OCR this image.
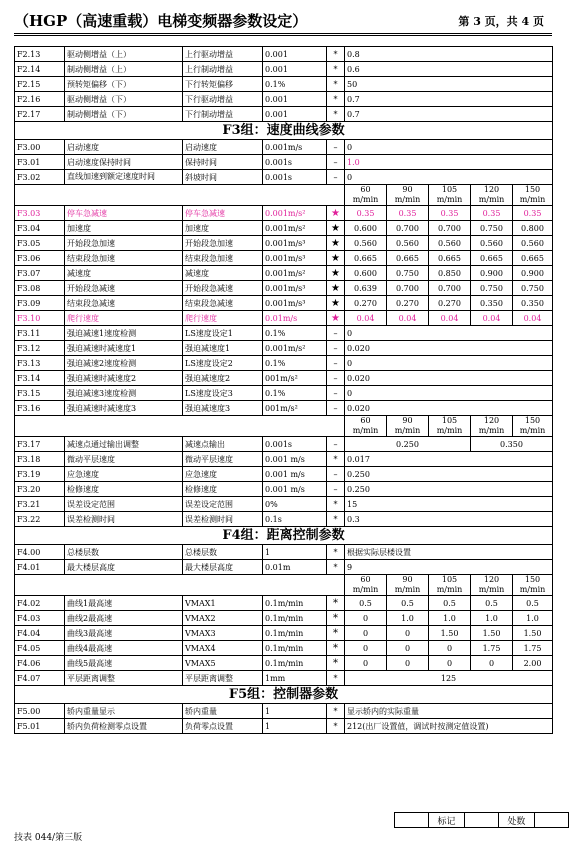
（HGP（高速重载）电梯变频器参数设定）	第 3 页，共 4 页
F2.13	驱动侧增益（上）	上行驱动增益	0.001	*	0.8				
F2.14	制动侧增益（上）	上行制动增益	0.001	*	0.6				
F2.15	预转矩偏移（下）	下行转矩偏移	0.1%	*	50				
F2.16	驱动侧增益（下）	下行驱动增益	0.001	*	0.7				
F2.17	制动侧增益（下）	下行制动增益	0.001	*	0.7				
F3组：速度曲线参数									
F3.00	启动速度	启动速度	0.001m/s	–	0				
F3.01	启动速度保持时间	保持时间	0.001s	–	1.0				
F3.02	直线加速到额定速度时间	斜坡时间	0.001s	–	0				
					60 m/min	90 m/min	105 m/min	120 m/min	150 m/min
F3.03	停车急减速	停车急减速	0.001m/s²	★	0.35	0.35	0.35	0.35	0.35
F3.04	加速度	加速度	0.001m/s²	★	0.600	0.700	0.700	0.750	0.800
F3.05	开始段急加速	开始段急加速	0.001m/s³	★	0.560	0.560	0.560	0.560	0.560
F3.06	结束段急加速	结束段急加速	0.001m/s³	★	0.665	0.665	0.665	0.665	0.665
F3.07	减速度	减速度	0.001m/s²	★	0.600	0.750	0.850	0.900	0.900
F3.08	开始段急减速	开始段急减速	0.001m/s³	★	0.639	0.700	0.700	0.750	0.750
F3.09	结束段急减速	结束段急减速	0.001m/s³	★	0.270	0.270	0.270	0.350	0.350
F3.10	爬行速度	爬行速度	0.01m/s	★	0.04	0.04	0.04	0.04	0.04
F3.11	强迫减速1速度检测	LS速度设定1	0.1%	–	0				
F3.12	强迫减速时减速度1	强迫减速度1	0.001m/s²	–	0.020				
F3.13	强迫减速2速度检测	LS速度设定2	0.1%	–	0				
F3.14	强迫减速时减速度2	强迫减速度2	001m/s²	–	0.020				
F3.15	强迫减速3速度检测	LS速度设定3	0.1%	–	0				
F3.16	强迫减速时减速度3	强迫减速度3	001m/s²	–	0.020				
					60 m/min	90 m/min	105 m/min	120 m/min	150 m/min
F3.17	减速点通过输出调整	减速点输出	0.001s	–	0.250			0.350	
F3.18	微动平层速度	微动平层速度	0.001 m/s	*	0.017				
F3.19	应急速度	应急速度	0.001 m/s	–	0.250				
F3.20	检修速度	检修速度	0.001 m/s	–	0.250				
F3.21	误差设定范围	误差设定范围	0%	*	15				
F3.22	误差检测时间	误差检测时间	0.1s	*	0.3				
F4组：距离控制参数									
F4.00	总楼层数	总楼层数	1	*	根据实际层楼设置				
F4.01	最大楼层高度	最大楼层高度	0.01m	*	9				
					60 m/min	90 m/min	105 m/min	120 m/min	150 m/min
F4.02	曲线1最高速	VMAX1	0.1m/min	*	0.5	0.5	0.5	0.5	0.5
F4.03	曲线2最高速	VMAX2	0.1m/min	*	0	1.0	1.0	1.0	1.0
F4.04	曲线3最高速	VMAX3	0.1m/min	*	0	0	1.50	1.50	1.50
F4.05	曲线4最高速	VMAX4	0.1m/min	*	0	0	0	1.75	1.75
F4.06	曲线5最高速	VMAX5	0.1m/min	*	0	0	0	0	2.00
F4.07	平层距离调整	平层距离调整	1mm	*	125				
F5组：控制器参数									
F5.00	轿内重量显示	轿内重量	1	*	显示轿内的实际重量				
F5.01	轿内负荷检测零点设置	负荷零点设置	1	*	212(出厂设置值，调试时按测定值设置)				
	标记		处数	
技表 044/第三版
